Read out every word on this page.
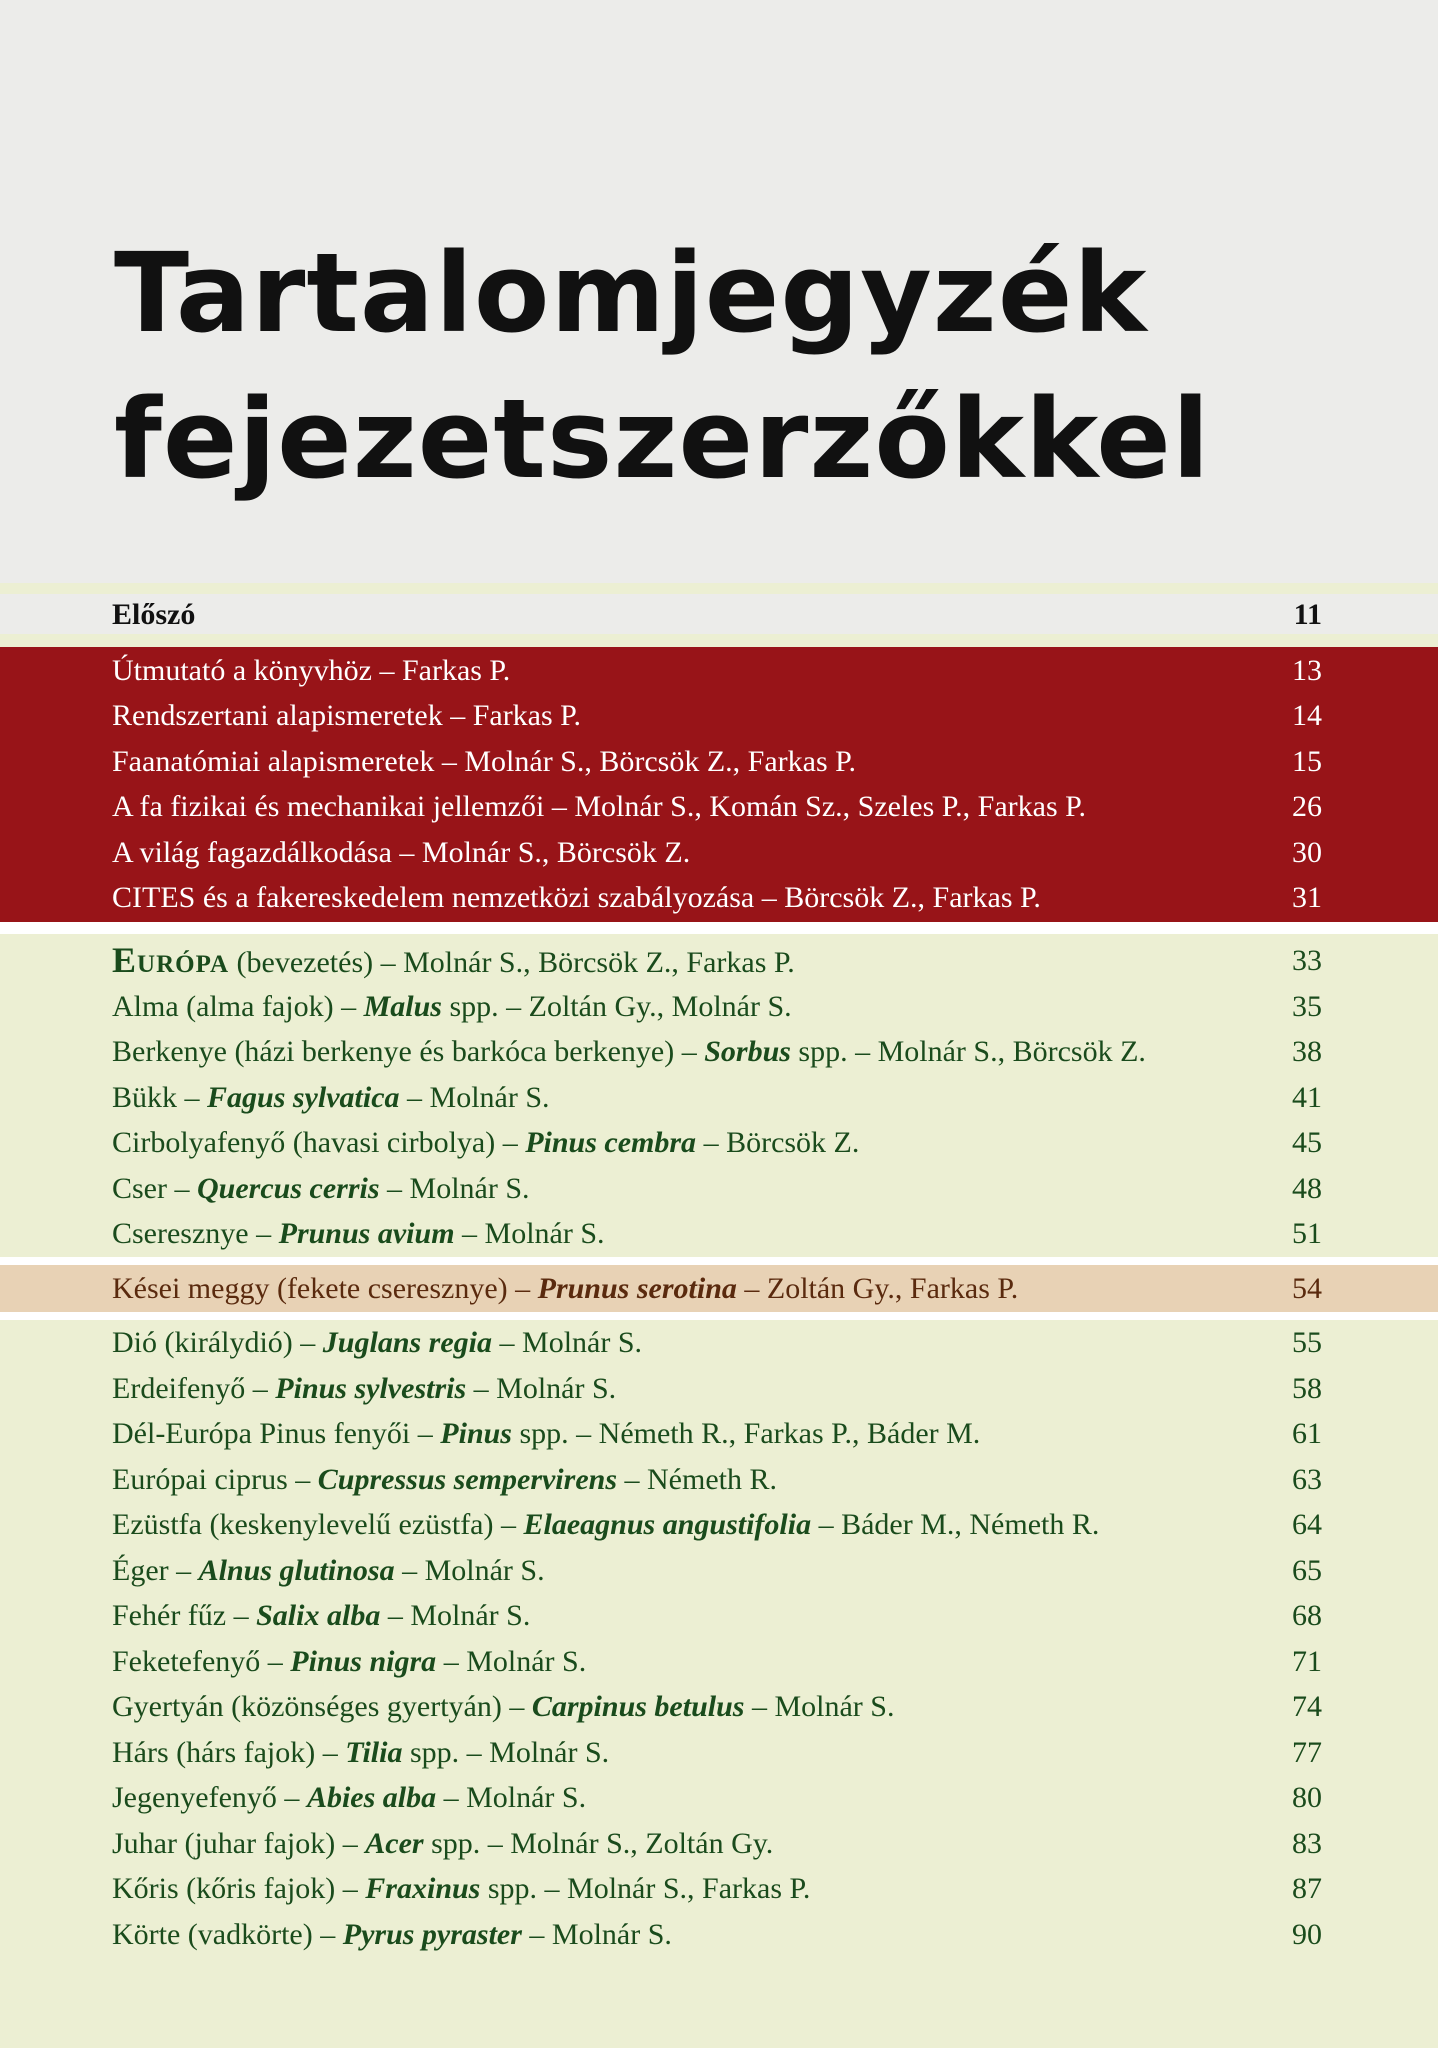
Tartalomjegyzék
fejezetszerzőkkel
Előszó	11
Útmutató a könyvhöz – Farkas P.	13
Rendszertani alapismeretek – Farkas P.	14
Faanatómiai alapismeretek – Molnár S., Börcsök Z., Farkas P.	15
A fa fizikai és mechanikai jellemzői – Molnár S., Komán Sz., Szeles P., Farkas P.	26
A világ fagazdálkodása – Molnár S., Börcsök Z.	30
CITES és a fakereskedelem nemzetközi szabályozása – Börcsök Z., Farkas P.	31
Európa (bevezetés) – Molnár S., Börcsök Z., Farkas P.	33
Alma (alma fajok) – Malus spp. – Zoltán Gy., Molnár S.	35
Berkenye (házi berkenye és barkóca berkenye) – Sorbus spp. – Molnár S., Börcsök Z.	38
Bükk – Fagus sylvatica – Molnár S.	41
Cirbolyafenyő (havasi cirbolya) – Pinus cembra – Börcsök Z.	45
Cser – Quercus cerris – Molnár S.	48
Cseresznye – Prunus avium – Molnár S.	51
Kései meggy (fekete cseresznye) – Prunus serotina – Zoltán Gy., Farkas P.	54
Dió (királydió) – Juglans regia – Molnár S.	55
Erdeifenyő – Pinus sylvestris – Molnár S.	58
Dél-Európa Pinus fenyői – Pinus spp. – Németh R., Farkas P., Báder M.	61
Európai ciprus – Cupressus sempervirens – Németh R.	63
Ezüstfa (keskenylevelű ezüstfa) – Elaeagnus angustifolia – Báder M., Németh R.	64
Éger – Alnus glutinosa – Molnár S.	65
Fehér fűz – Salix alba – Molnár S.	68
Feketefenyő – Pinus nigra – Molnár S.	71
Gyertyán (közönséges gyertyán) – Carpinus betulus – Molnár S.	74
Hárs (hárs fajok) – Tilia spp. – Molnár S.	77
Jegenyefenyő – Abies alba – Molnár S.	80
Juhar (juhar fajok) – Acer spp. – Molnár S., Zoltán Gy.	83
Kőris (kőris fajok) – Fraxinus spp. – Molnár S., Farkas P.	87
Körte (vadkörte) – Pyrus pyraster – Molnár S.	90
